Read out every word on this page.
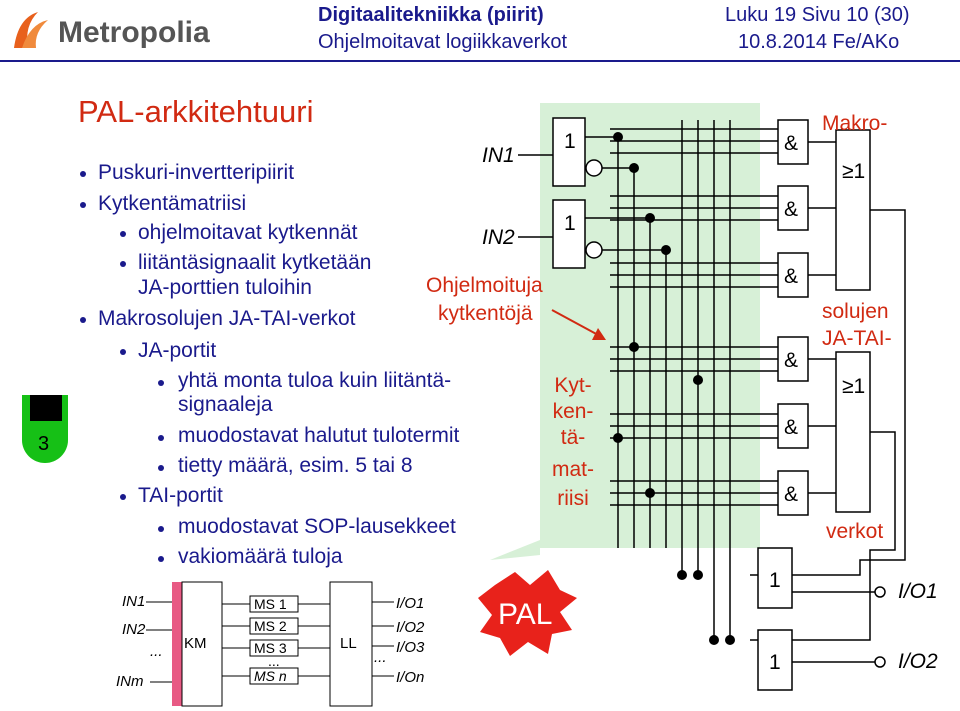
Metropolia
Digitaalitekniikka (piirit)
Ohjelmoitavat logiikkaverkot
Luku 19 Sivu 10 (30)
10.8.2014 Fe/AKo
3
PAL-arkkitehtuuri
Puskuri-invertteripiirit
Kytkentämatriisi
ohjelmoitavat kytkennät
liitäntäsignaalit kytketään
JA-porttien tuloihin
Makrosolujen JA-TAI-verkot
JA-portit
yhtä monta tuloa kuin liitäntä-
signaaleja
muodostavat halutut tulotermit
tietty määrä, esim. 5 tai 8
TAI-portit
muodostavat SOP-lausekkeet
vakiomäärä tuloja
IN1
IN2
1
1
&
&
&
&
&
&
≥1
≥1
Makro-
solujen
JA-TAI-
verkot
1
1
I/O1
I/O2
Ohjelmoituja
kytkentöjä
Kyt-
ken-
tä-
mat-
riisi
PAL
IN1
IN2
...
INm
KM
MS 1
MS 2
MS 3
...
MS n
LL
I/O1
I/O2
I/O3
...
I/On
